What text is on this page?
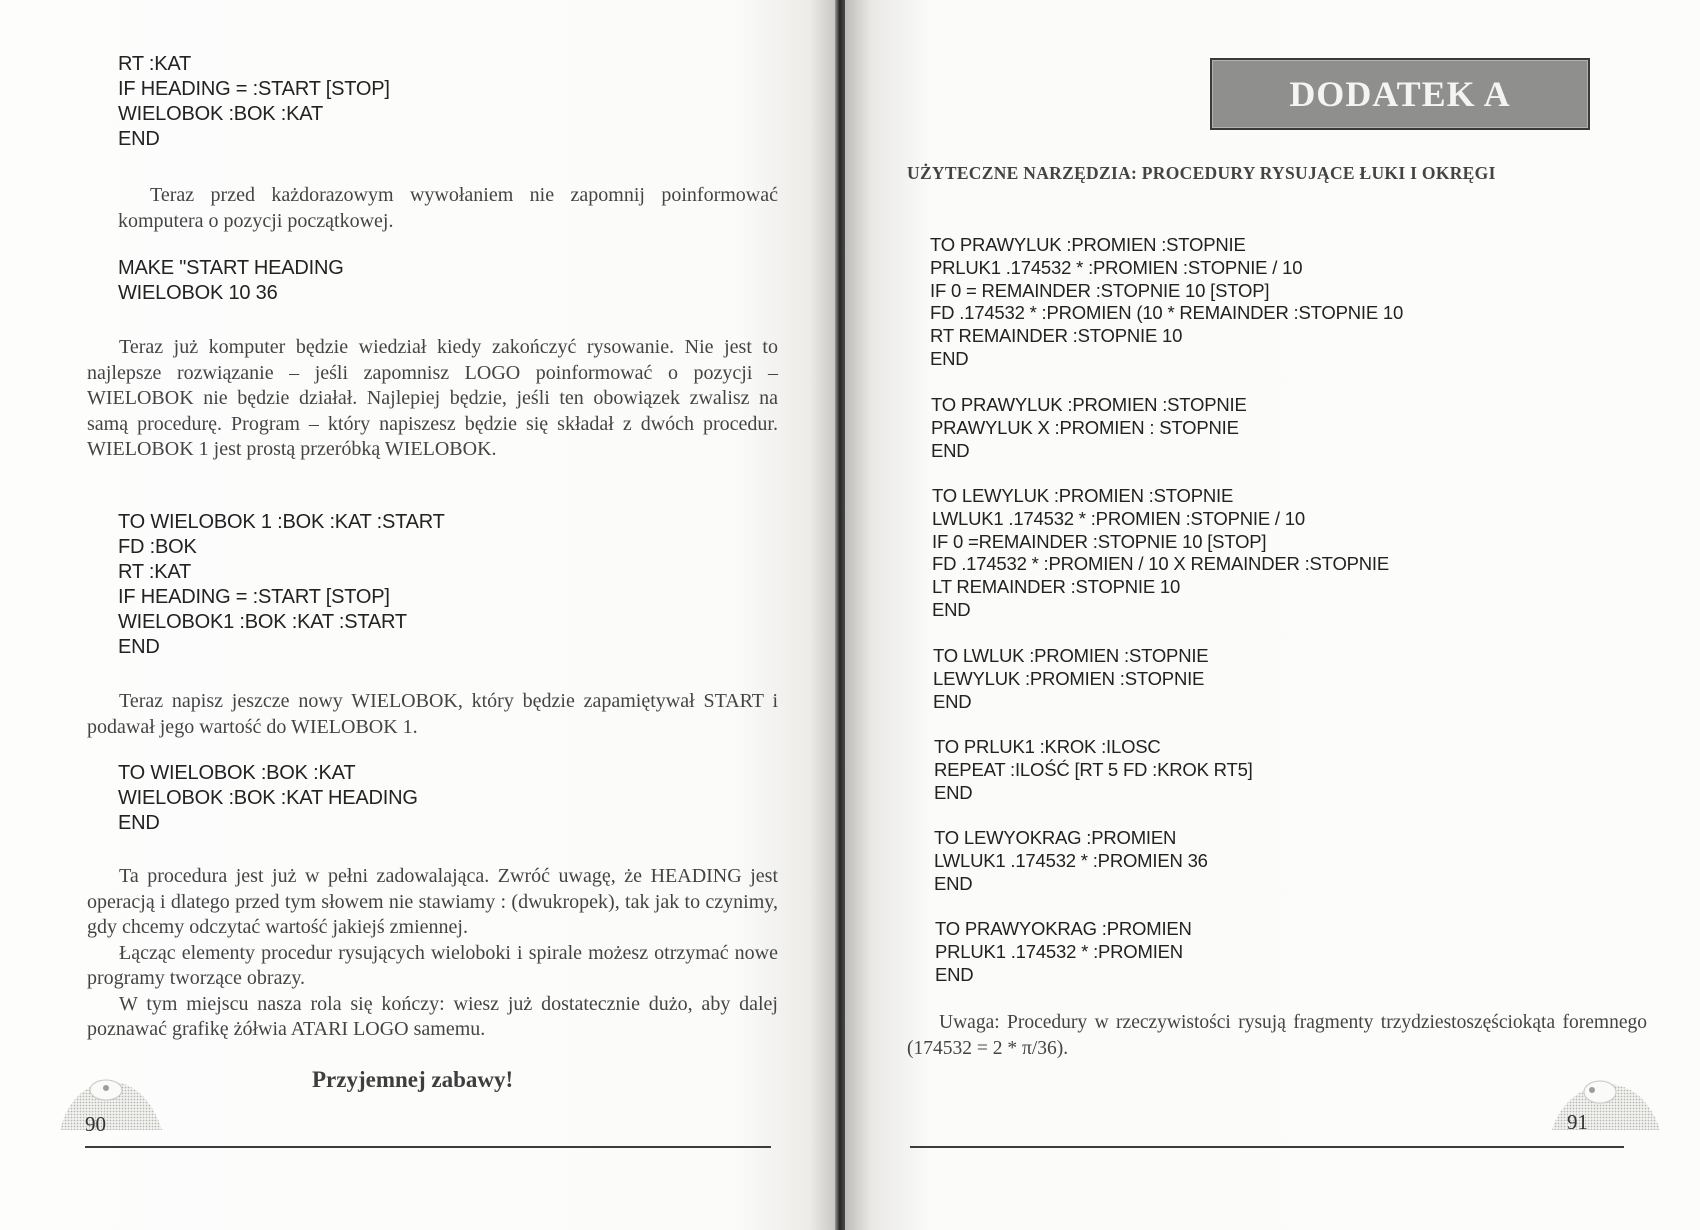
RT :KAT
IF HEADING = :START [STOP]
WIELOBOK :BOK :KAT
END

Teraz przed każdorazowym wywołaniem nie zapomnij poinformować komputera o pozycji początkowej.

MAKE "START HEADING
WIELOBOK 10 36

Teraz już komputer będzie wiedział kiedy zakończyć rysowanie. Nie jest to najlepsze rozwiązanie – jeśli zapomnisz LOGO poinformować o pozycji – WIELOBOK nie będzie działał. Najlepiej będzie, jeśli ten obowiązek zwalisz na samą procedurę. Program – który napiszesz będzie się składał z dwóch procedur. WIELOBOK 1 jest prostą przeróbką WIELOBOK.

TO WIELOBOK 1 :BOK :KAT :START
FD :BOK
RT :KAT
IF HEADING = :START [STOP]
WIELOBOK1 :BOK :KAT :START
END

Teraz napisz jeszcze nowy WIELOBOK, który będzie zapamiętywał START i podawał jego wartość do WIELOBOK 1.

TO WIELOBOK :BOK :KAT
WIELOBOK :BOK :KAT HEADING
END

Ta procedura jest już w pełni zadowalająca. Zwróć uwagę, że HEADING jest operacją i dlatego przed tym słowem nie stawiamy : (dwukropek), tak jak to czynimy, gdy chcemy odczytać wartość jakiejś zmiennej.

Łącząc elementy procedur rysujących wieloboki i spirale możesz otrzymać nowe programy tworzące obrazy.

W tym miejscu nasza rola się kończy: wiesz już dostatecznie dużo, aby dalej poznawać grafikę żółwia ATARI LOGO samemu.

Przyjemnej zabawy!
90
DODATEK A
UŻYTECZNE NARZĘDZIA: PROCEDURY RYSUJĄCE ŁUKI I OKRĘGI
TO PRAWYLUK :PROMIEN :STOPNIE
PRLUK1 .174532 * :PROMIEN :STOPNIE / 10
IF 0 = REMAINDER :STOPNIE 10 [STOP]
FD .174532 * :PROMIEN (10 * REMAINDER :STOPNIE 10
RT REMAINDER :STOPNIE 10
END
TO PRAWYLUK :PROMIEN :STOPNIE
PRAWYLUK X :PROMIEN : STOPNIE
END
TO LEWYLUK :PROMIEN :STOPNIE
LWLUK1 .174532 * :PROMIEN :STOPNIE / 10
IF 0 =REMAINDER :STOPNIE 10 [STOP]
FD .174532 * :PROMIEN / 10 X REMAINDER :STOPNIE
LT REMAINDER :STOPNIE 10
END
TO LWLUK :PROMIEN :STOPNIE
LEWYLUK :PROMIEN :STOPNIE
END
TO PRLUK1 :KROK :ILOSC
REPEAT :ILOŚĆ [RT 5 FD :KROK RT5]
END
TO LEWYOKRAG :PROMIEN
LWLUK1 .174532 * :PROMIEN 36
END
TO PRAWYOKRAG :PROMIEN
PRLUK1 .174532 * :PROMIEN
END

Uwaga: Procedury w rzeczywistości rysują fragmenty trzydziestoszęściokąta foremnego (174532 = 2 * π/36).

91
